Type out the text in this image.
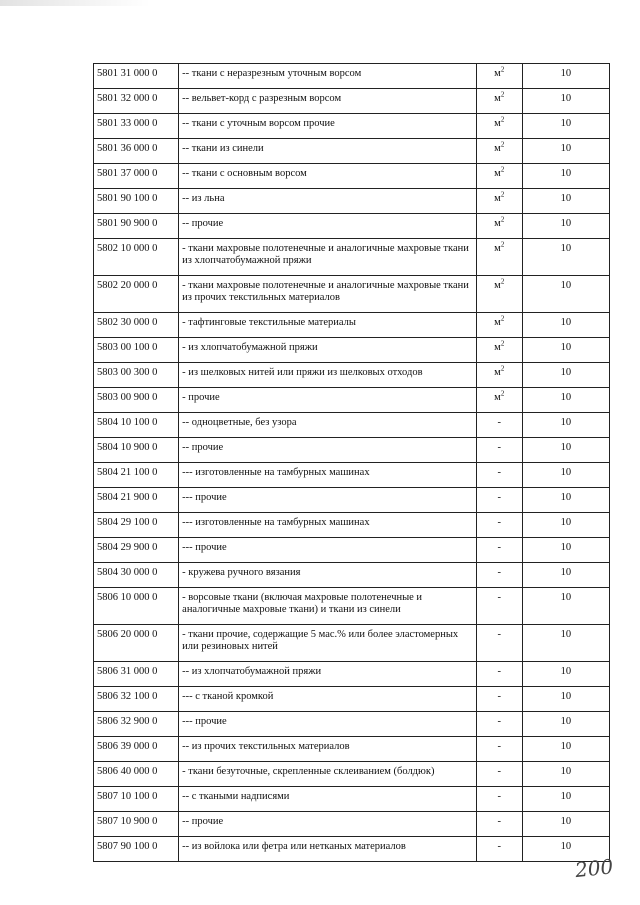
5801 31 000 0	-- ткани с неразрезным уточным ворсом	$м^2$	10
5801 32 000 0	-- вельвет-корд с разрезным ворсом	$м^2$	10
5801 33 000 0	-- ткани с уточным ворсом прочие	$м^2$	10
5801 36 000 0	-- ткани из синели	$м^2$	10
5801 37 000 0	-- ткани с основным ворсом	$м^2$	10
5801 90 100 0	-- из льна	$м^2$	10
5801 90 900 0	-- прочие	$м^2$	10
5802 10 000 0	- ткани махровые полотенечные и аналогичные махровые ткани из хлопчатобумажной пряжи	$м^2$	10
5802 20 000 0	- ткани махровые полотенечные и аналогичные махровые ткани из прочих текстильных материалов	$м^2$	10
5802 30 000 0	- тафтинговые текстильные материалы	$м^2$	10
5803 00 100 0	- из хлопчатобумажной пряжи	$м^2$	10
5803 00 300 0	- из шелковых нитей или пряжи из шелковых отходов	$м^2$	10
5803 00 900 0	- прочие	$м^2$	10
5804 10 100 0	-- одноцветные, без узора	-	10
5804 10 900 0	-- прочие	-	10
5804 21 100 0	--- изготовленные на тамбурных машинах	-	10
5804 21 900 0	--- прочие	-	10
5804 29 100 0	--- изготовленные на тамбурных машинах	-	10
5804 29 900 0	--- прочие	-	10
5804 30 000 0	- кружева ручного вязания	-	10
5806 10 000 0	- ворсовые ткани (включая махровые полотенечные и аналогичные махровые ткани) и ткани из синели	-	10
5806 20 000 0	- ткани прочие, содержащие 5 мас.% или более эластомерных или резиновых нитей	-	10
5806 31 000 0	-- из хлопчатобумажной пряжи	-	10
5806 32 100 0	--- с тканой кромкой	-	10
5806 32 900 0	--- прочие	-	10
5806 39 000 0	-- из прочих текстильных материалов	-	10
5806 40 000 0	- ткани безуточные, скрепленные склеиванием (болдюк)	-	10
5807 10 100 0	-- с ткаными надписями	-	10
5807 10 900 0	-- прочие	-	10
5807 90 100 0	-- из войлока или фетра или нетканых материалов	-	10
200
